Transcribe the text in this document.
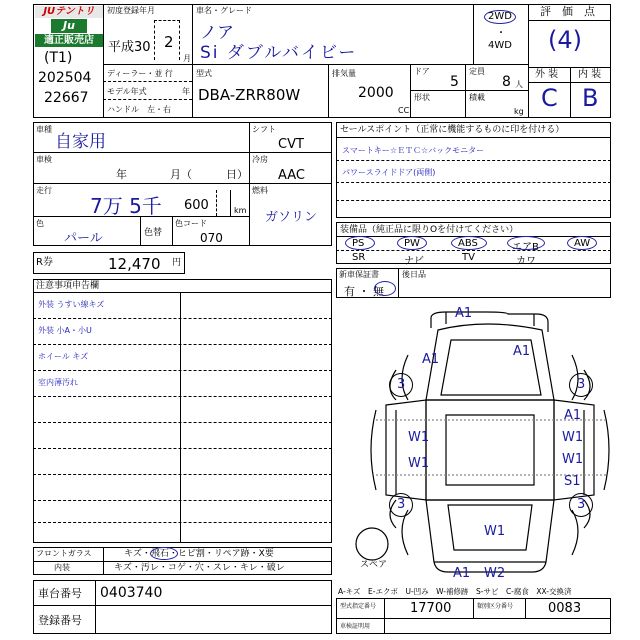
JUテントリ
Ju
適正販売店
(T1)
202504
22667
初度登録年月
平成30 2
月
車名・グレード
ノア
Si ダブルバイビー
2WD
・
4WD
評　価　点
(4)
外 装 内 装
C B
ディーラー・並 行
モデル年式	年
ハンドル　左・右
型式
DBA-ZRR80W
排気量
2000
CC
ドア
5
定員
8 人
形状	積載
kg
車種
自家用
車検
年	月（	日）
走行
7万 5千 600	km
色
パール	色替
色コード
070
シフト
CVT
冷房
AAC
燃料
ガソリン
R券	12,470 円
注意事項申告欄
外装 うすい線キズ
外装 小A・小U
ホイール キズ
室内薄汚れ
フロントガラス	キズ・飛石・ヒビ割・リペア跡・X要
内装	キズ・汚レ・コゲ・穴・スレ・キレ・破レ
車台番号 0403740
登録番号
セールスポイント（正常に機能するものに印を付ける）
スマートキー☆ＥＴＣ☆バックモニター
パワースライドドア(両側)
装備品（純正品に限りOを付けてください）
PS	PW	ABS	エアB	AW
SR	ナビ	TV	カワ
新車保証書	後日品
有 ・ 無
スペア
A1
A1
A1
3	3
A1
W1	W1
W1	W1
S1
3	3
W1
A1 W2
A-キズ　E-エクボ　U-凹み　W-補修跡　S-サビ　C-腐食　XX-交換済
型式指定番号	17700	類別区分番号	0083
車検証明用
